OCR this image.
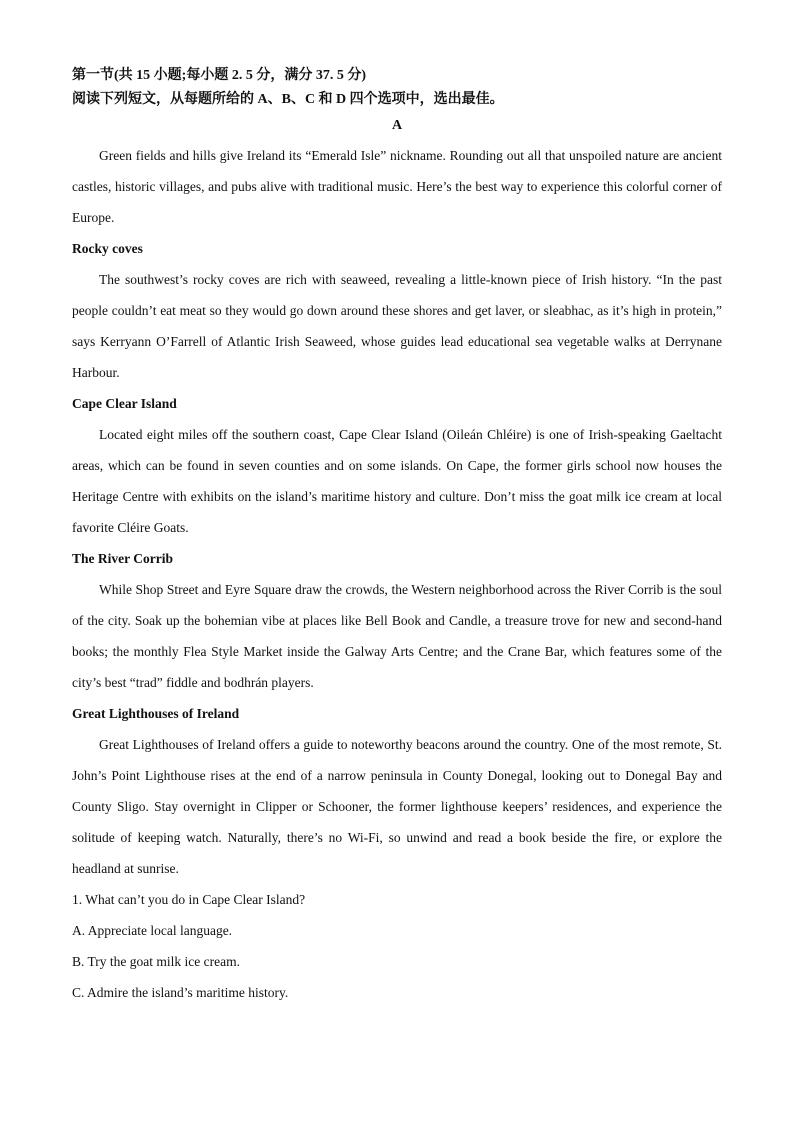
第一节(共 15 小题;每小题 2. 5 分，满分 37. 5 分)

阅读下列短文，从每题所给的 A、B、C 和 D 四个选项中，选出最佳。

A

Green fields and hills give Ireland its “Emerald Isle” nickname. Rounding out all that unspoiled nature are ancient castles, historic villages, and pubs alive with traditional music. Here’s the best way to experience this colorful corner of Europe.

Rocky coves

The southwest’s rocky coves are rich with seaweed, revealing a little-known piece of Irish history. “In the past people couldn’t eat meat so they would go down around these shores and get laver, or sleabhac, as it’s high in protein,” says Kerryann O’Farrell of Atlantic Irish Seaweed, whose guides lead educational sea vegetable walks at Derrynane Harbour.

Cape Clear Island

Located eight miles off the southern coast, Cape Clear Island (Oileán Chléire) is one of Irish-speaking Gaeltacht areas, which can be found in seven counties and on some islands. On Cape, the former girls school now houses the Heritage Centre with exhibits on the island’s maritime history and culture. Don’t miss the goat milk ice cream at local favorite Cléire Goats.

The River Corrib

While Shop Street and Eyre Square draw the crowds, the Western neighborhood across the River Corrib is the soul of the city. Soak up the bohemian vibe at places like Bell Book and Candle, a treasure trove for new and second-hand books; the monthly Flea Style Market inside the Galway Arts Centre; and the Crane Bar, which features some of the city’s best “trad” fiddle and bodhrán players.

Great Lighthouses of Ireland

Great Lighthouses of Ireland offers a guide to noteworthy beacons around the country. One of the most remote, St. John’s Point Lighthouse rises at the end of a narrow peninsula in County Donegal, looking out to Donegal Bay and County Sligo. Stay overnight in Clipper or Schooner, the former lighthouse keepers’ residences, and experience the solitude of keeping watch. Naturally, there’s no Wi-Fi, so unwind and read a book beside the fire, or explore the headland at sunrise.

1. What can’t you do in Cape Clear Island?

A. Appreciate local language.

B. Try the goat milk ice cream.

C. Admire the island’s maritime history.
